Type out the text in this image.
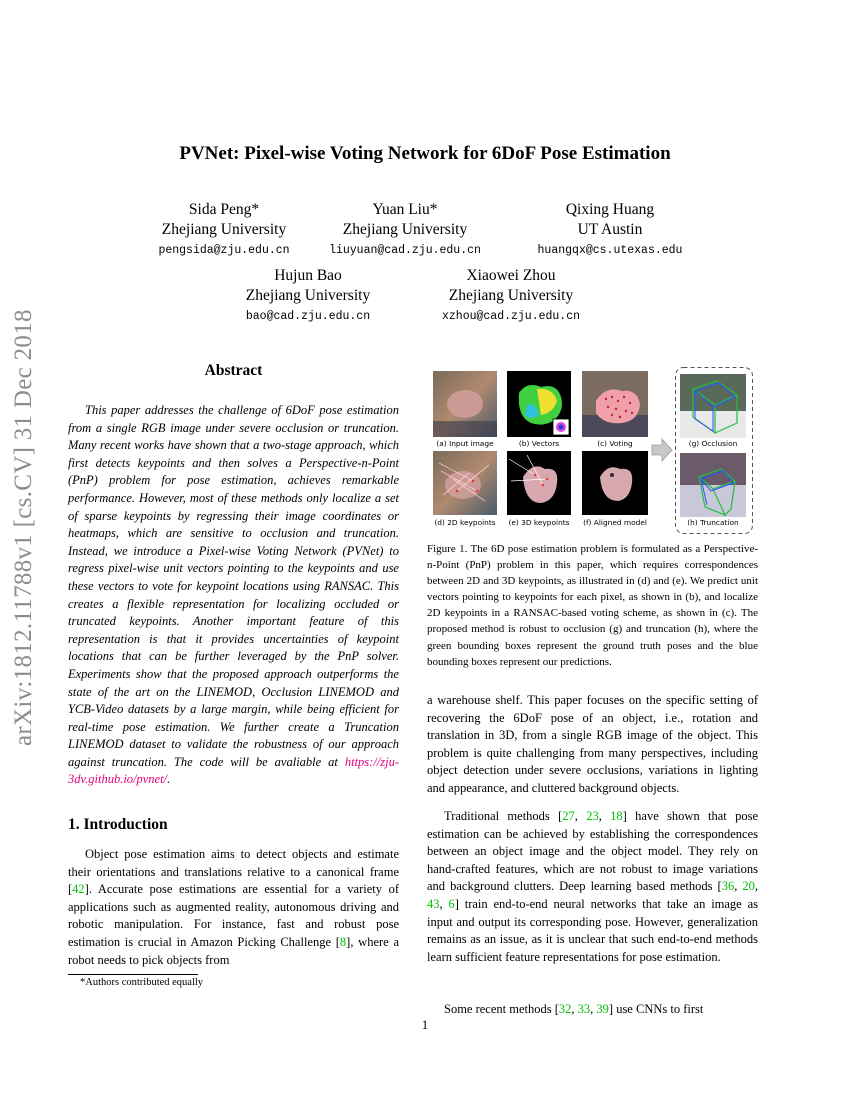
arXiv:1812.11788v1 [cs.CV] 31 Dec 2018
PVNet: Pixel-wise Voting Network for 6DoF Pose Estimation
Sida Peng*
Zhejiang University
pengsida@zju.edu.cn
Yuan Liu*
Zhejiang University
liuyuan@cad.zju.edu.cn
Qixing Huang
UT Austin
huangqx@cs.utexas.edu
Hujun Bao
Zhejiang University
bao@cad.zju.edu.cn
Xiaowei Zhou
Zhejiang University
xzhou@cad.zju.edu.cn
Abstract
This paper addresses the challenge of 6DoF pose estimation from a single RGB image under severe occlusion or truncation. Many recent works have shown that a two-stage approach, which first detects keypoints and then solves a Perspective-n-Point (PnP) problem for pose estimation, achieves remarkable performance. However, most of these methods only localize a set of sparse keypoints by regressing their image coordinates or heatmaps, which are sensitive to occlusion and truncation. Instead, we introduce a Pixel-wise Voting Network (PVNet) to regress pixel-wise unit vectors pointing to the keypoints and use these vectors to vote for keypoint locations using RANSAC. This creates a flexible representation for localizing occluded or truncated keypoints. Another important feature of this representation is that it provides uncertainties of keypoint locations that can be further leveraged by the PnP solver. Experiments show that the proposed approach outperforms the state of the art on the LINEMOD, Occlusion LINEMOD and YCB-Video datasets by a large margin, while being efficient for real-time pose estimation. We further create a Truncation LINEMOD dataset to validate the robustness of our approach against truncation. The code will be avaliable at https://zju-3dv.github.io/pvnet/.
1. Introduction
Object pose estimation aims to detect objects and estimate their orientations and translations relative to a canonical frame [42]. Accurate pose estimations are essential for a variety of applications such as augmented reality, autonomous driving and robotic manipulation. For instance, fast and robust pose estimation is crucial in Amazon Picking Challenge [8], where a robot needs to pick objects from
*Authors contributed equally
(a) Input image	(b) Vectors	(c) Voting
(d) 2D keypoints	(e) 3D keypoints	(f) Aligned model
(g) Occlusion
(h) Truncation
Figure 1. The 6D pose estimation problem is formulated as a Perspective-n-Point (PnP) problem in this paper, which requires correspondences between 2D and 3D keypoints, as illustrated in (d) and (e). We predict unit vectors pointing to keypoints for each pixel, as shown in (b), and localize 2D keypoints in a RANSAC-based voting scheme, as shown in (c). The proposed method is robust to occlusion (g) and truncation (h), where the green bounding boxes represent the ground truth poses and the blue bounding boxes represent our predictions.
a warehouse shelf. This paper focuses on the specific setting of recovering the 6DoF pose of an object, i.e., rotation and translation in 3D, from a single RGB image of the object. This problem is quite challenging from many perspectives, including object detection under severe occlusions, variations in lighting and appearance, and cluttered background objects.
Traditional methods [27, 23, 18] have shown that pose estimation can be achieved by establishing the correspondences between an object image and the object model. They rely on hand-crafted features, which are not robust to image variations and background clutters. Deep learning based methods [36, 20, 43, 6] train end-to-end neural networks that take an image as input and output its corresponding pose. However, generalization remains as an issue, as it is unclear that such end-to-end methods learn sufficient feature representations for pose estimation.
Some recent methods [32, 33, 39] use CNNs to first
1
